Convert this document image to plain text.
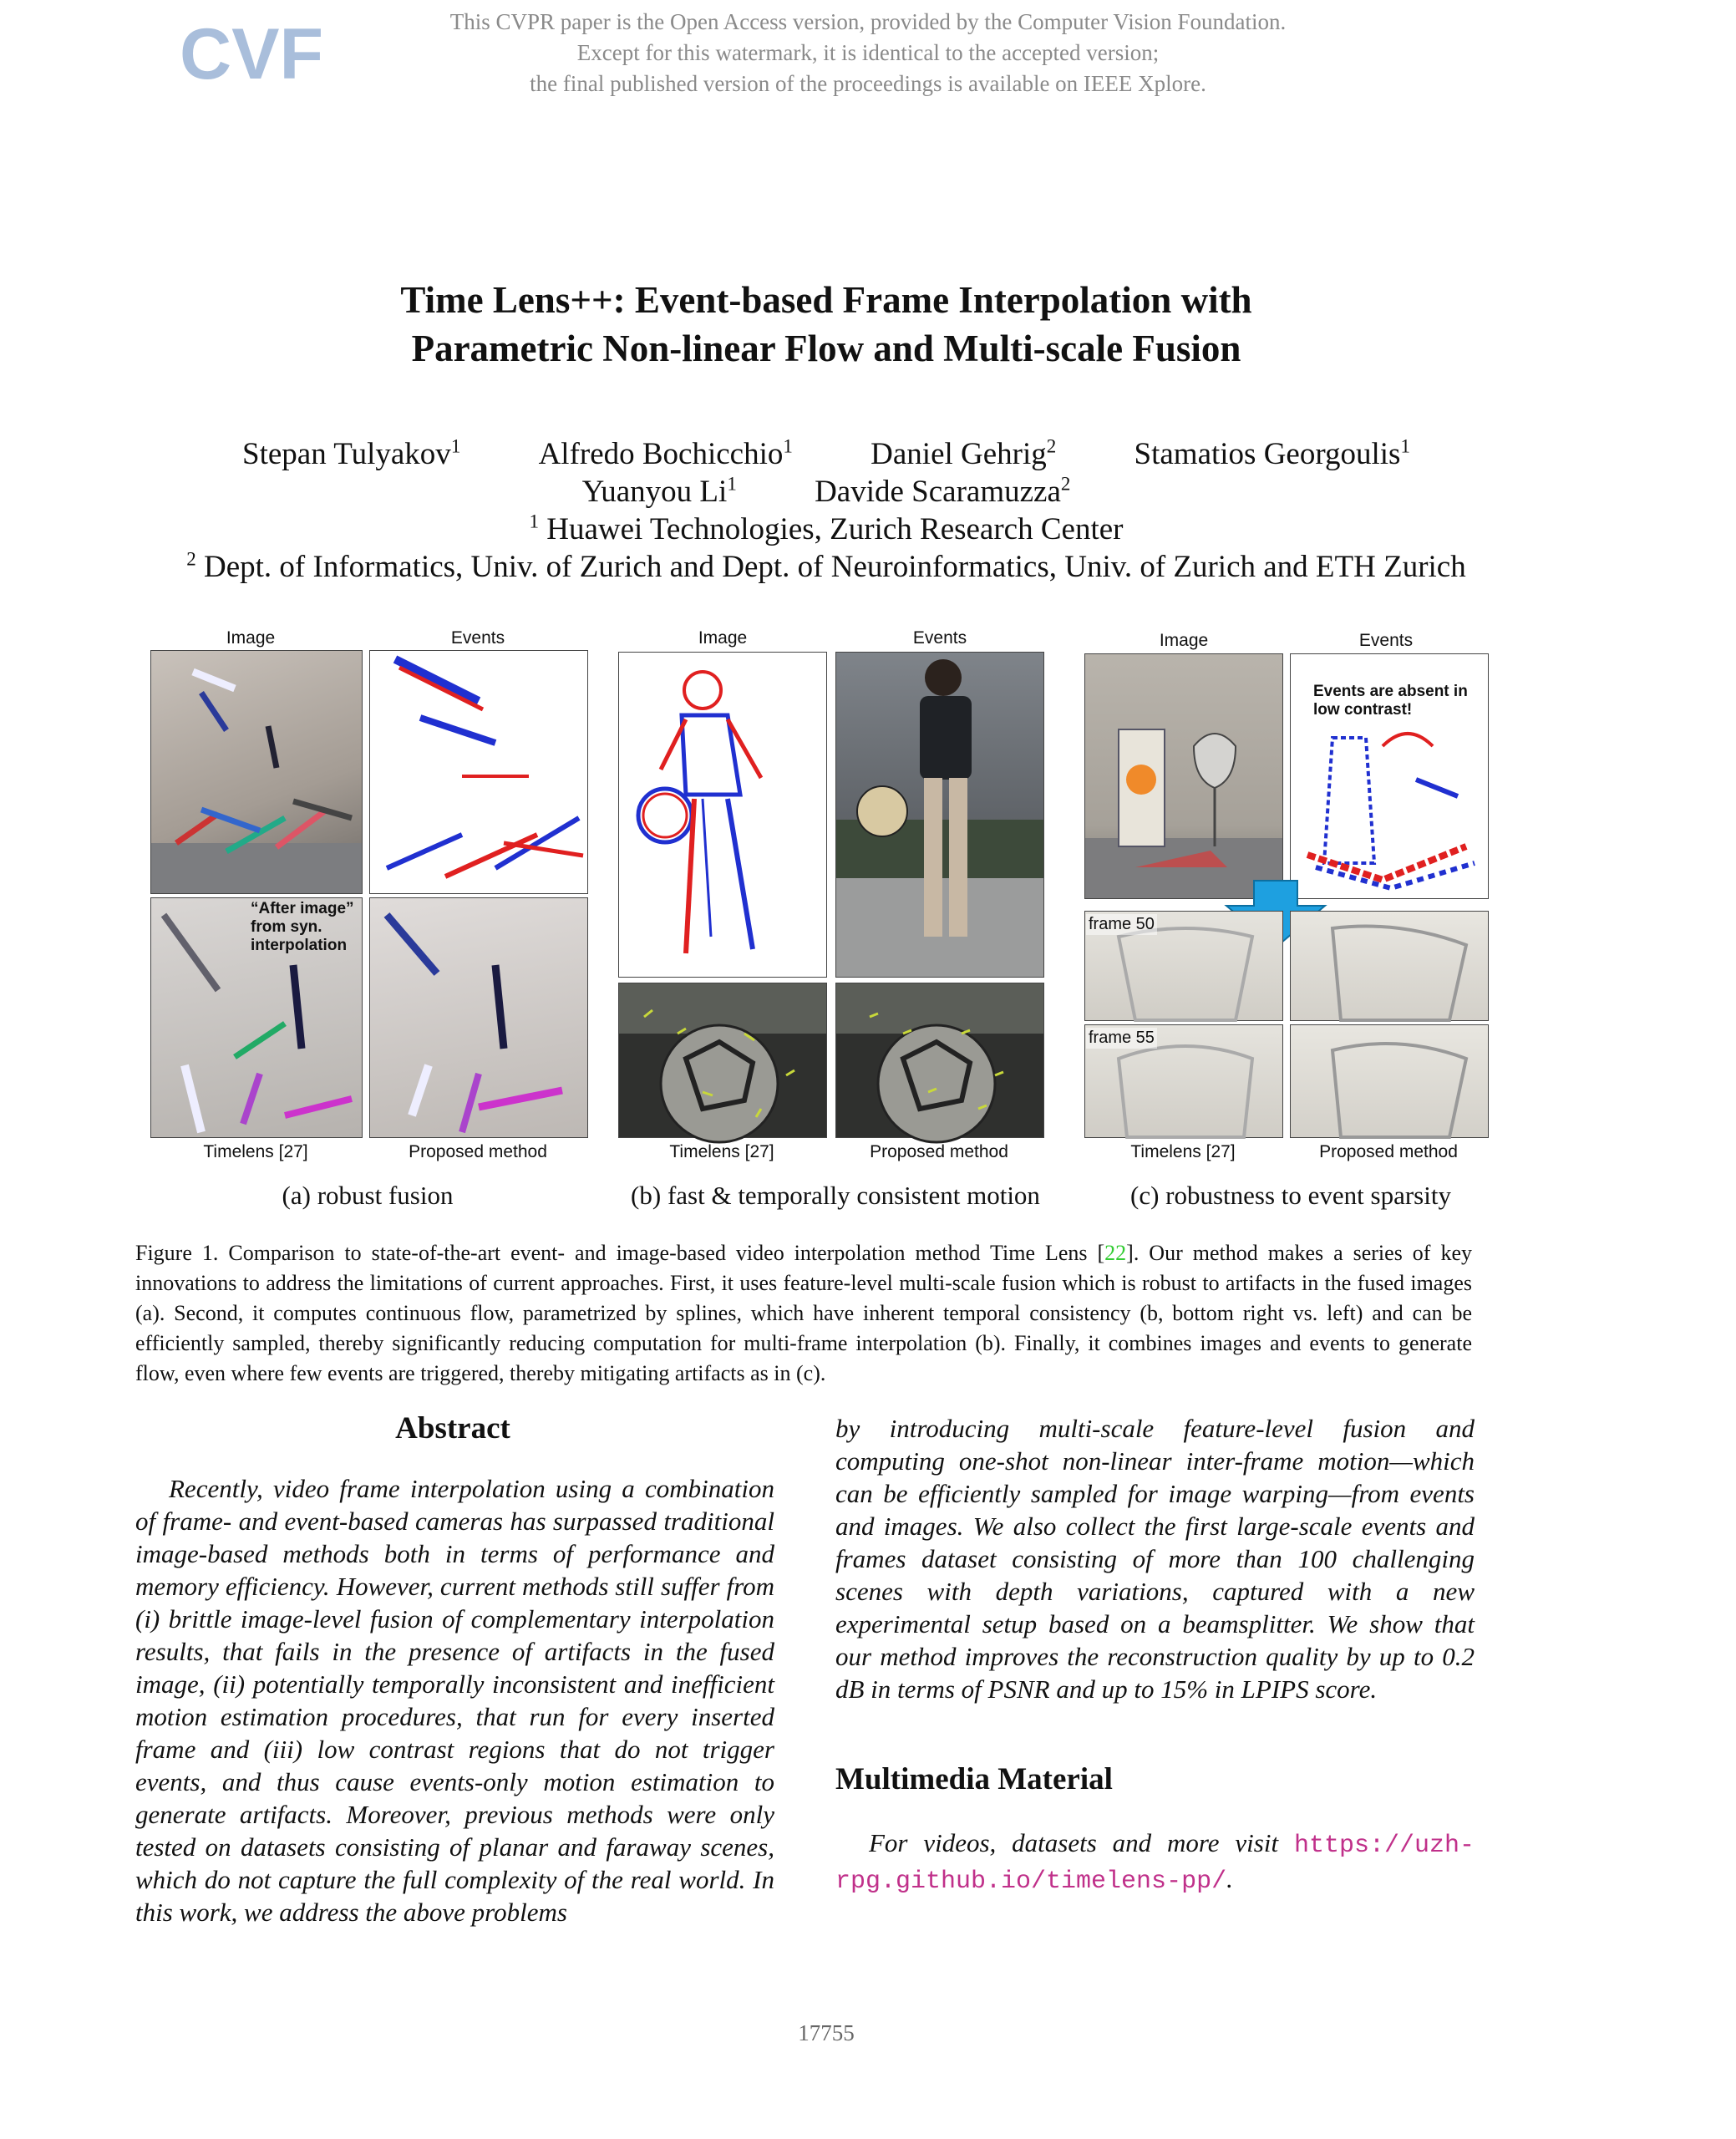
CVF	This CVPR paper is the Open Access version, provided by the Computer Vision Foundation.
Except for this watermark, it is identical to the accepted version;
the final published version of the proceedings is available on IEEE Xplore.
Time Lens++: Event-based Frame Interpolation with
Parametric Non-linear Flow and Multi-scale Fusion
Stepan Tulyakov$^1$	Alfredo Bochicchio$^1$	Daniel Gehrig$^2$	Stamatios Georgoulis$^1$
Yuanyou Li$^1$	Davide Scaramuzza$^2$
$^1$ Huawei Technologies, Zurich Research Center
$^2$ Dept. of Informatics, Univ. of Zurich and Dept. of Neuroinformatics, Univ. of Zurich and ETH Zurich
Image	Events
“After image”
from syn.
interpolation
Timelens [27]	Proposed method
Image	Events
Timelens [27]	Proposed method
Image	Events
Events are absent in
low contrast!
frame 50
frame 55
Timelens [27]	Proposed method
(a) robust fusion	(b) fast & temporally consistent motion	(c) robustness to event sparsity
Figure 1. Comparison to state-of-the-art event- and image-based video interpolation method Time Lens [22]. Our method makes a series of key innovations to address the limitations of current approaches. First, it uses feature-level multi-scale fusion which is robust to artifacts in the fused images (a). Second, it computes continuous flow, parametrized by splines, which have inherent temporal consistency (b, bottom right vs. left) and can be efficiently sampled, thereby significantly reducing computation for multi-frame interpolation (b). Finally, it combines images and events to generate flow, even where few events are triggered, thereby mitigating artifacts as in (c).
Abstract

Recently, video frame interpolation using a combination of frame- and event-based cameras has surpassed traditional image-based methods both in terms of performance and memory efficiency. However, current methods still suffer from (i) brittle image-level fusion of complementary interpolation results, that fails in the presence of artifacts in the fused image, (ii) potentially temporally inconsistent and inefficient motion estimation procedures, that run for every inserted frame and (iii) low contrast regions that do not trigger events, and thus cause events-only motion estimation to generate artifacts. Moreover, previous methods were only tested on datasets consisting of planar and faraway scenes, which do not capture the full complexity of the real world. In this work, we address the above problems

by introducing multi-scale feature-level fusion and computing one-shot non-linear inter-frame motion—which can be efficiently sampled for image warping—from events and images. We also collect the first large-scale events and frames dataset consisting of more than 100 challenging scenes with depth variations, captured with a new experimental setup based on a beamsplitter. We show that our method improves the reconstruction quality by up to 0.2 dB in terms of PSNR and up to 15% in LPIPS score.

Multimedia Material
For videos, datasets and more visit https://uzh-rpg.github.io/timelens-pp/.
17755
